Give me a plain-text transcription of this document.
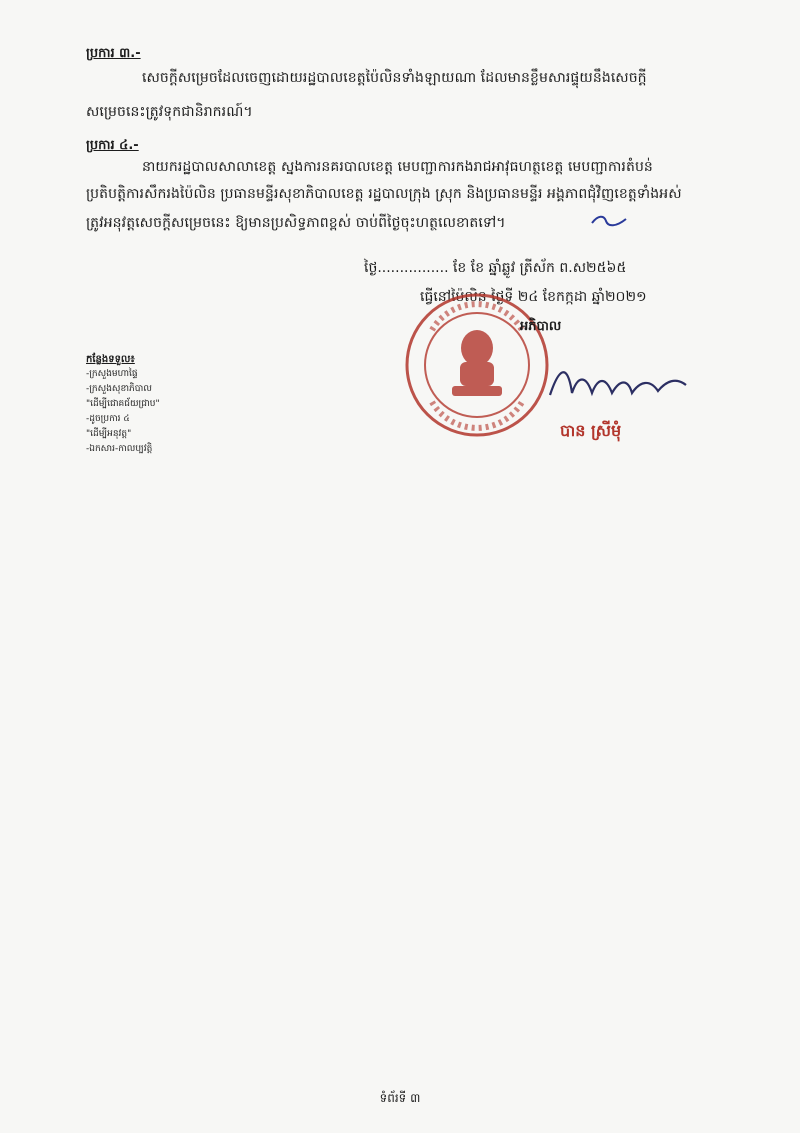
ប្រការ ៣.-
សេចក្ដីសម្រេចដែលចេញដោយរដ្ឋបាលខេត្តប៉ៃលិនទាំងឡាយណា ដែលមានខ្លឹមសារផ្ទុយនឹងសេចក្ដី
សម្រេចនេះត្រូវទុកជានិរាករណ៍។
ប្រការ ៤.-
នាយករដ្ឋបាលសាលាខេត្ត ស្នងការនគរបាលខេត្ត មេបញ្ជាការកងរាជអាវុធហត្ថខេត្ត មេបញ្ជាការតំបន់
ប្រតិបត្តិការសឹករងប៉ៃលិន ប្រធានមន្ទីរសុខាភិបាលខេត្ត រដ្ឋបាលក្រុង ស្រុក និងប្រធានមន្ទីរ អង្គភាពជុំវិញខេត្តទាំងអស់
ត្រូវអនុវត្តសេចក្ដីសម្រេចនេះ ឱ្យមានប្រសិទ្ធភាពខ្ពស់ ចាប់ពីថ្ងៃចុះហត្ថលេខាតទៅ។
ថ្ងៃ................ ខែ ខែ ឆ្នាំឆ្លូវ ត្រីស័ក ព.ស២៥៦៥
ធ្វើនៅប៉ៃលិន ថ្ងៃទី ២៤ ខែកក្កដា ឆ្នាំ២០២១
អភិបាល
បាន ស្រីមុំ
កន្លែងទទួល៖
-ក្រសួងមហាផ្ទៃ
-ក្រសួងសុខាភិបាល
"ដើម្បីជោគជ័យជ្រាប"
-ដូចប្រការ ៤
"ដើម្បីអនុវត្ត"
-ឯកសារ-កាលប្បវត្តិ
ទំព័រទី ៣
